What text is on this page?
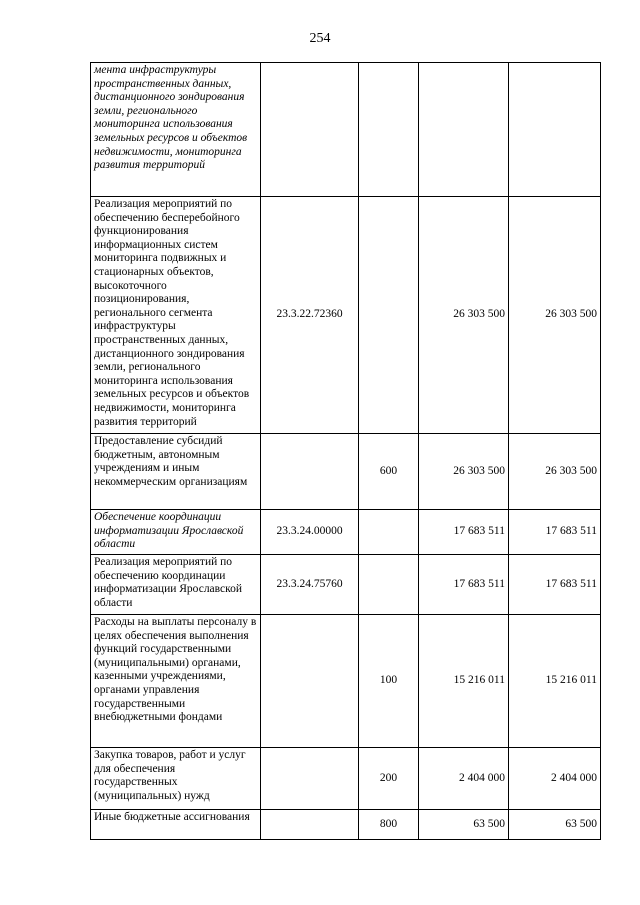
254
мента инфраструктуры пространственных данных, дистанционного зондирования земли, регионального мониторинга использования земельных ресурсов и объектов недвижимости, мониторинга развития территорий				
Реализация мероприятий по обеспечению бесперебойного функционирования информационных систем мониторинга подвижных и стационарных объектов, высокоточного позиционирования, регионального сегмента инфраструктуры пространственных данных, дистанционного зондирования земли, регионального мониторинга использования земельных ресурсов и объектов недвижимости, мониторинга развития территорий	23.3.22.72360		26 303 500	26 303 500
Предоставление субсидий бюджетным, автономным учреждениям и иным некоммерческим организациям		600	26 303 500	26 303 500
Обеспечение координации информатизации Ярославской области	23.3.24.00000		17 683 511	17 683 511
Реализация мероприятий по обеспечению координации информатизации Ярославской области	23.3.24.75760		17 683 511	17 683 511
Расходы на выплаты персоналу в целях обеспечения выполнения функций государственными (муниципальными) органами, казенными учреждениями, органами управления государственными внебюджетными фондами		100	15 216 011	15 216 011
Закупка товаров, работ и услуг для обеспечения государственных (муниципальных) нужд		200	2 404 000	2 404 000
Иные бюджетные ассигнования		800	63 500	63 500
